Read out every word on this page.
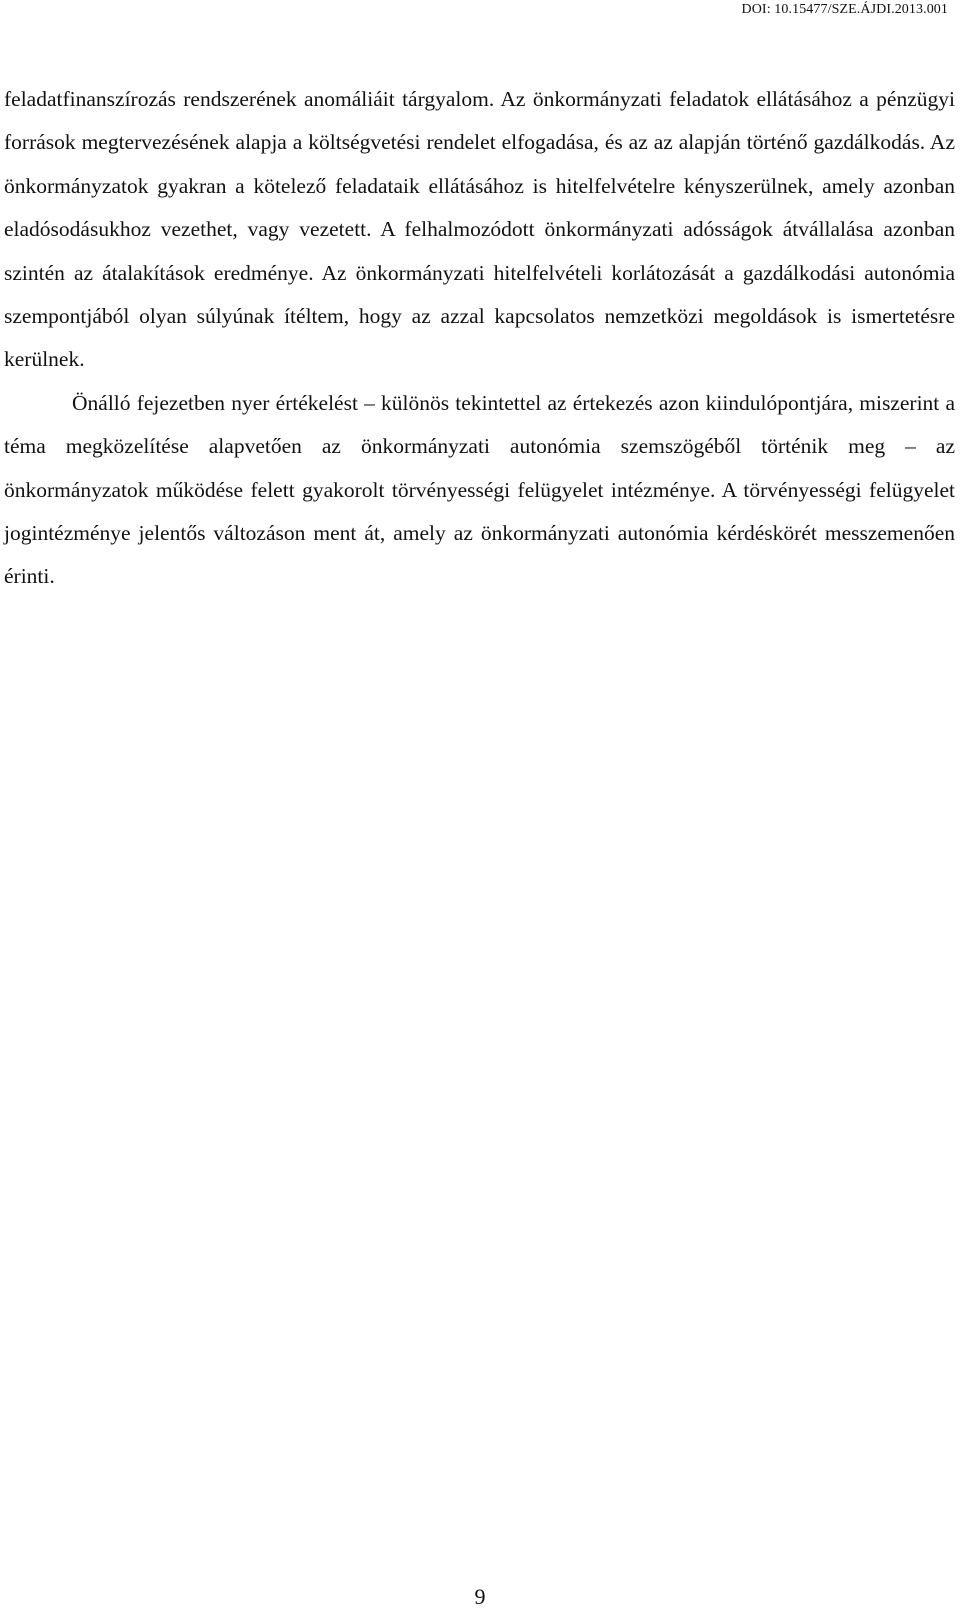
DOI: 10.15477/SZE.ÁJDI.2013.001

feladatfinanszírozás rendszerének anomáliáit tárgyalom. Az önkormányzati feladatok ellátásához a pénzügyi források megtervezésének alapja a költségvetési rendelet elfogadása, és az az alapján történő gazdálkodás. Az önkormányzatok gyakran a kötelező feladataik ellátásához is hitelfelvételre kényszerülnek, amely azonban eladósodásukhoz vezethet, vagy vezetett. A felhalmozódott önkormányzati adósságok átvállalása azonban szintén az átalakítások eredménye. Az önkormányzati hitelfelvételi korlátozását a gazdálkodási autonómia szempontjából olyan súlyúnak ítéltem, hogy az azzal kapcsolatos nemzetközi megoldások is ismertetésre kerülnek.

Önálló fejezetben nyer értékelést – különös tekintettel az értekezés azon kiindulópontjára, miszerint a téma megközelítése alapvetően az önkormányzati autonómia szemszögéből történik meg – az önkormányzatok működése felett gyakorolt törvényességi felügyelet intézménye. A törvényességi felügyelet jogintézménye jelentős változáson ment át, amely az önkormányzati autonómia kérdéskörét messzemenően érinti.

9
